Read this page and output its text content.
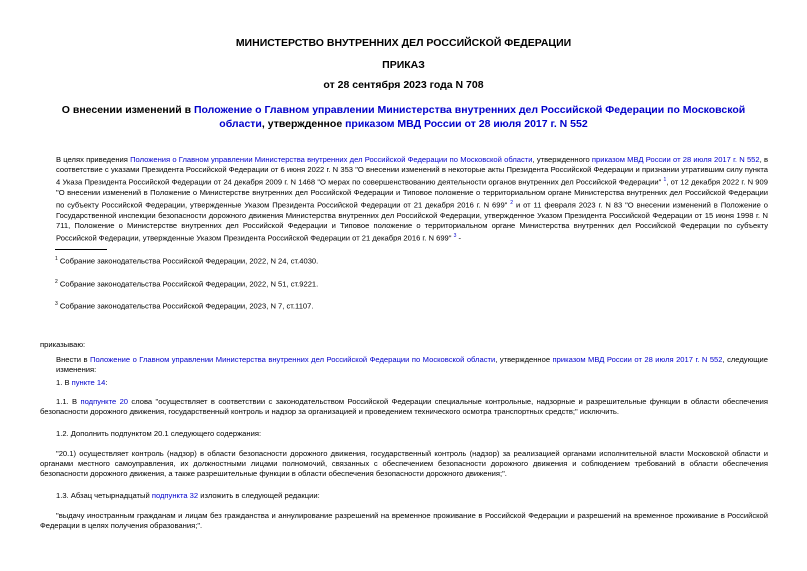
МИНИСТЕРСТВО ВНУТРЕННИХ ДЕЛ РОССИЙСКОЙ ФЕДЕРАЦИИ
ПРИКАЗ
от 28 сентября 2023 года N 708
О внесении изменений в Положение о Главном управлении Министерства внутренних дел Российской Федерации по Московской области, утвержденное приказом МВД России от 28 июля 2017 г. N 552
В целях приведения Положения о Главном управлении Министерства внутренних дел Российской Федерации по Московской области, утвержденного приказом МВД России от 28 июля 2017 г. N 552, в соответствие с указами Президента Российской Федерации от 6 июня 2022 г. N 353 "О внесении изменений в некоторые акты Президента Российской Федерации и признании утратившим силу пункта 4 Указа Президента Российской Федерации от 24 декабря 2009 г. N 1468 "О мерах по совершенствованию деятельности органов внутренних дел Российской Федерации" $^1$, от 12 декабря 2022 г. N 909 "О внесении изменений в Положение о Министерстве внутренних дел Российской Федерации и Типовое положение о территориальном органе Министерства внутренних дел Российской Федерации по субъекту Российской Федерации, утвержденные Указом Президента Российской Федерации от 21 декабря 2016 г. N 699" $^2$ и от 11 февраля 2023 г. N 83 "О внесении изменений в Положение о Государственной инспекции безопасности дорожного движения Министерства внутренних дел Российской Федерации, утвержденное Указом Президента Российской Федерации от 15 июня 1998 г. N 711, Положение о Министерстве внутренних дел Российской Федерации и Типовое положение о территориальном органе Министерства внутренних дел Российской Федерации по субъекту Российской Федерации, утвержденные Указом Президента Российской Федерации от 21 декабря 2016 г. N 699" $^3$ -
$^1$ Собрание законодательства Российской Федерации, 2022, N 24, ст.4030.
$^2$ Собрание законодательства Российской Федерации, 2022, N 51, ст.9221.
$^3$ Собрание законодательства Российской Федерации, 2023, N 7, ст.1107.
приказываю:
Внести в Положение о Главном управлении Министерства внутренних дел Российской Федерации по Московской области, утвержденное приказом МВД России от 28 июля 2017 г. N 552, следующие изменения:
1. В пункте 14:
1.1. В подпункте 20 слова "осуществляет в соответствии с законодательством Российской Федерации специальные контрольные, надзорные и разрешительные функции в области обеспечения безопасности дорожного движения, государственный контроль и надзор за организацией и проведением технического осмотра транспортных средств;" исключить.
1.2. Дополнить подпунктом 20.1 следующего содержания:
"20.1) осуществляет контроль (надзор) в области безопасности дорожного движения, государственный контроль (надзор) за реализацией органами исполнительной власти Московской области и органами местного самоуправления, их должностными лицами полномочий, связанных с обеспечением безопасности дорожного движения и соблюдением требований в области обеспечения безопасности дорожного движения, а также разрешительные функции в области обеспечения безопасности дорожного движения;".
1.3. Абзац четырнадцатый подпункта 32 изложить в следующей редакции:
"выдачу иностранным гражданам и лицам без гражданства и аннулирование разрешений на временное проживание в Российской Федерации и разрешений на временное проживание в Российской Федерации в целях получения образования;".
